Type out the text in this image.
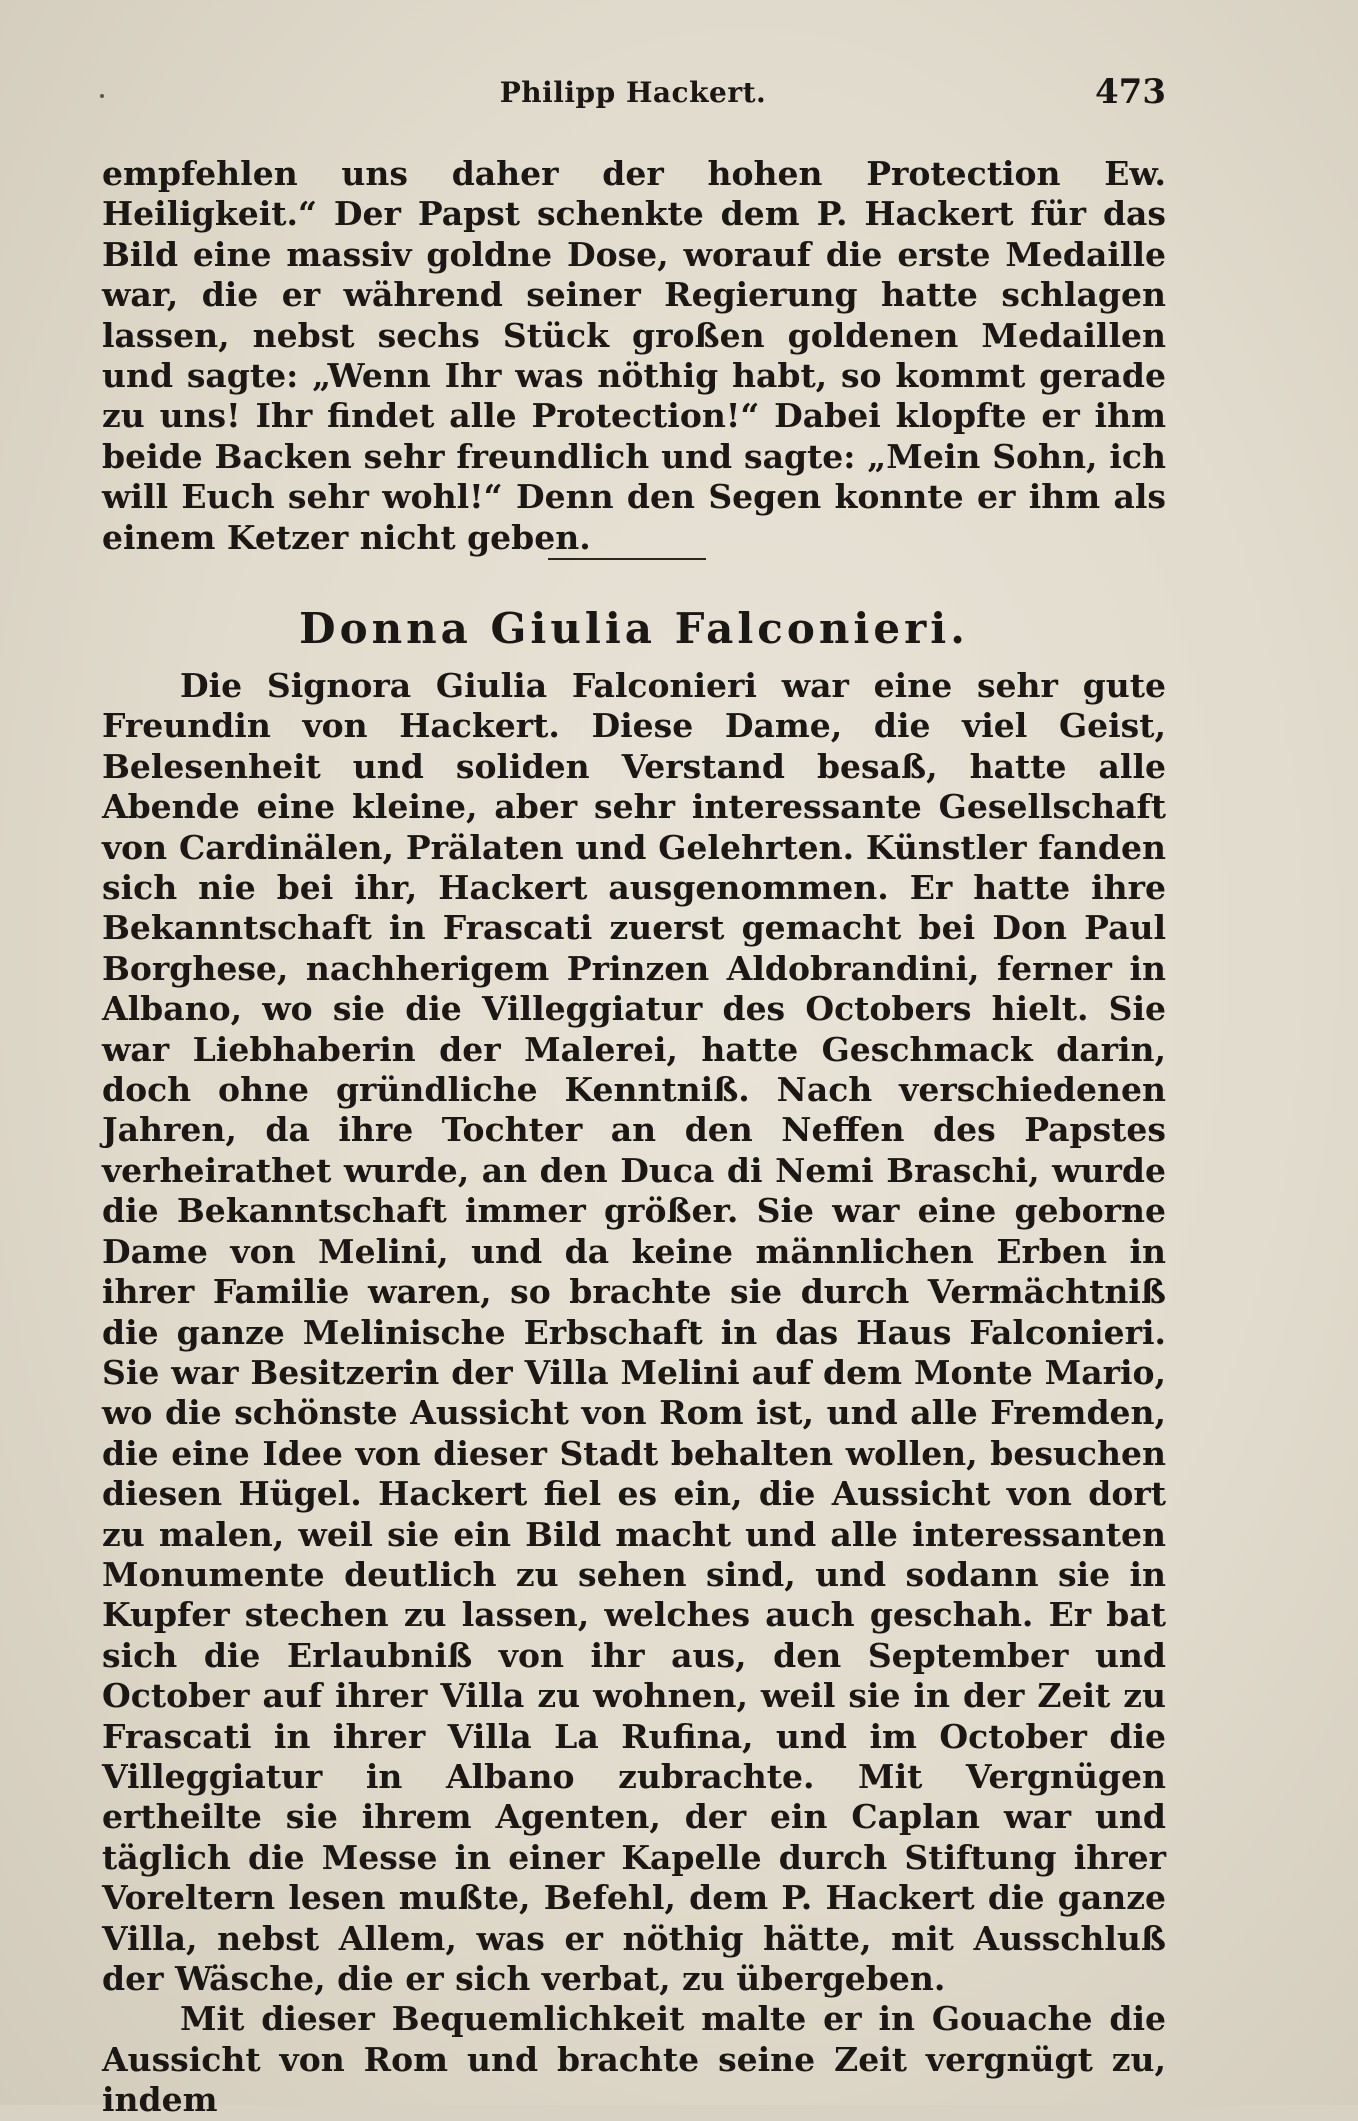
Philipp Hackert.	473

empfehlen uns daher der hohen Protection Ew. Heiligkeit.“ Der Papst schenkte dem P. Hackert für das Bild eine massiv goldne Dose, worauf die erste Medaille war, die er während seiner Regierung hatte schlagen lassen, nebst sechs Stück großen goldenen Medaillen und sagte: „Wenn Ihr was nöthig habt, so kommt gerade zu uns! Ihr findet alle Protection!“ Dabei klopfte er ihm beide Backen sehr freundlich und sagte: „Mein Sohn, ich will Euch sehr wohl!“ Denn den Segen konnte er ihm als einem Ketzer nicht geben.

Donna Giulia Falconieri.

Die Signora Giulia Falconieri war eine sehr gute Freundin von Hackert. Diese Dame, die viel Geist, Belesenheit und soliden Verstand besaß, hatte alle Abende eine kleine, aber sehr interessante Gesellschaft von Cardinälen, Prälaten und Gelehrten. Künstler fanden sich nie bei ihr, Hackert ausgenommen. Er hatte ihre Bekanntschaft in Frascati zuerst gemacht bei Don Paul Borghese, nachherigem Prinzen Aldobrandini, ferner in Albano, wo sie die Villeggiatur des Octobers hielt. Sie war Liebhaberin der Malerei, hatte Geschmack darin, doch ohne gründliche Kenntniß. Nach verschiedenen Jahren, da ihre Tochter an den Neffen des Papstes verheirathet wurde, an den Duca di Nemi Braschi, wurde die Bekanntschaft immer größer. Sie war eine geborne Dame von Melini, und da keine männlichen Erben in ihrer Familie waren, so brachte sie durch Vermächtniß die ganze Melinische Erbschaft in das Haus Falconieri. Sie war Besitzerin der Villa Melini auf dem Monte Mario, wo die schönste Aussicht von Rom ist, und alle Fremden, die eine Idee von dieser Stadt behalten wollen, besuchen diesen Hügel. Hackert fiel es ein, die Aussicht von dort zu malen, weil sie ein Bild macht und alle interessanten Monumente deutlich zu sehen sind, und sodann sie in Kupfer stechen zu lassen, welches auch geschah. Er bat sich die Erlaubniß von ihr aus, den September und October auf ihrer Villa zu wohnen, weil sie in der Zeit zu Frascati in ihrer Villa La Rufina, und im October die Villeggiatur in Albano zubrachte. Mit Vergnügen ertheilte sie ihrem Agenten, der ein Caplan war und täglich die Messe in einer Kapelle durch Stiftung ihrer Voreltern lesen mußte, Befehl, dem P. Hackert die ganze Villa, nebst Allem, was er nöthig hätte, mit Ausschluß der Wäsche, die er sich verbat, zu übergeben.

Mit dieser Bequemlichkeit malte er in Gouache die Aussicht von Rom und brachte seine Zeit vergnügt zu, indem
